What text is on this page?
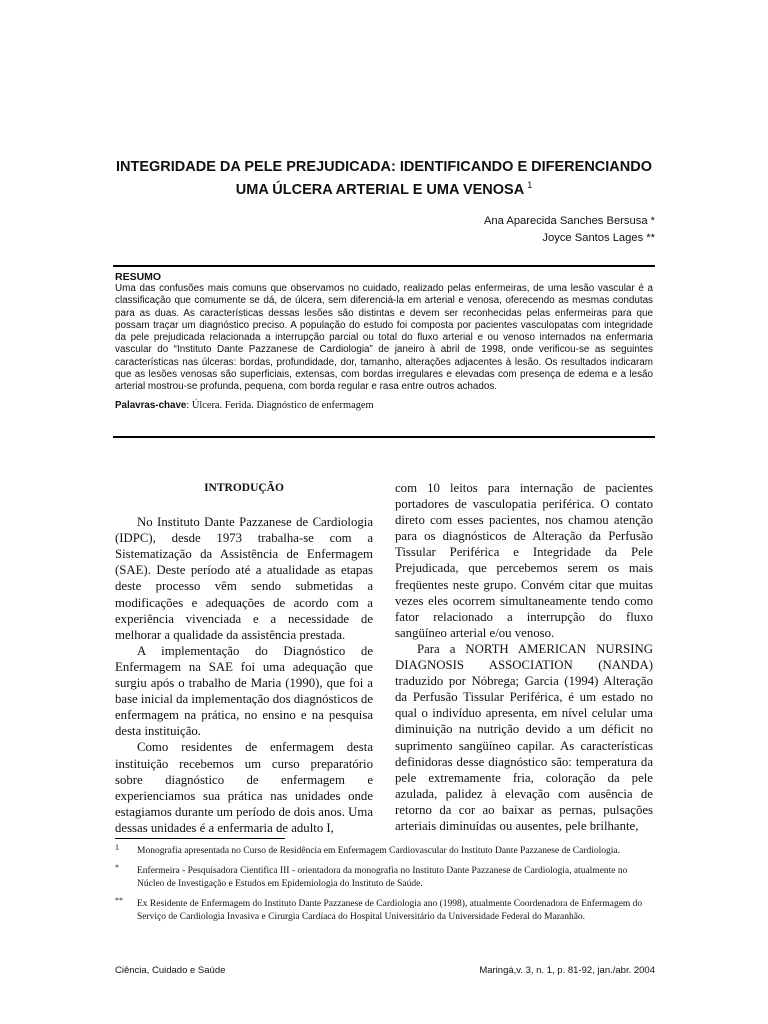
INTEGRIDADE DA PELE PREJUDICADA: IDENTIFICANDO E DIFERENCIANDO
UMA ÚLCERA ARTERIAL E UMA VENOSA $^1$
Ana Aparecida Sanches Bersusa *
Joyce Santos Lages **
RESUMO
Uma das confusões mais comuns que observamos no cuidado, realizado pelas enfermeiras, de uma lesão vascular é a classificação que comumente se dá, de úlcera, sem diferenciá-la em arterial e venosa, oferecendo as mesmas condutas para as duas. As características dessas lesões são distintas e devem ser reconhecidas pelas enfermeiras para que possam traçar um diagnóstico preciso. A população do estudo foi composta por pacientes vasculopatas com integridade da pele prejudicada relacionada a interrupção parcial ou total do fluxo arterial e ou venoso internados na enfermaria vascular do “Instituto Dante Pazzanese de Cardiologia” de janeiro à abril de 1998, onde verificou-se as seguintes características nas úlceras: bordas, profundidade, dor, tamanho, alterações adjacentes à lesão. Os resultados indicaram que as lesões venosas são superficiais, extensas, com bordas irregulares e elevadas com presença de edema e a lesão arterial mostrou-se profunda, pequena, com borda regular e rasa entre outros achados.
Palavras-chave: Úlcera. Ferida. Diagnóstico de enfermagem

INTRODUÇÃO

No Instituto Dante Pazzanese de Cardiologia (IDPC), desde 1973 trabalha-se com a Sistematização da Assistência de Enfermagem (SAE). Deste período até a atualidade as etapas deste processo vêm sendo submetidas a modificações e adequações de acordo com a experiência vivenciada e a necessidade de melhorar a qualidade da assistência prestada.

A implementação do Diagnóstico de Enfermagem na SAE foi uma adequação que surgiu após o trabalho de Maria (1990), que foi a base inicial da implementação dos diagnósticos de enfermagem na prática, no ensino e na pesquisa desta instituição.

Como residentes de enfermagem desta instituição recebemos um curso preparatório sobre diagnóstico de enfermagem e experienciamos sua prática nas unidades onde estagiamos durante um período de dois anos. Uma dessas unidades é a enfermaria de adulto I,

com 10 leitos para internação de pacientes portadores de vasculopatia periférica. O contato direto com esses pacientes, nos chamou atenção para os diagnósticos de Alteração da Perfusão Tissular Periférica e Integridade da Pele Prejudicada, que percebemos serem os mais freqüentes neste grupo. Convém citar que muitas vezes eles ocorrem simultaneamente tendo como fator relacionado a interrupção do fluxo sangüíneo arterial e/ou venoso.

Para a NORTH AMERICAN NURSING DIAGNOSIS ASSOCIATION (NANDA) traduzido por Nóbrega; Garcia (1994) Alteração da Perfusão Tissular Periférica, é um estado no qual o indivíduo apresenta, em nível celular uma diminuição na nutrição devido a um déficit no suprimento sangüíneo capilar. As características definidoras desse diagnóstico são: temperatura da pele extremamente fria, coloração da pele azulada, palidez à elevação com ausência de retorno da cor ao baixar as pernas, pulsações arteriais diminuídas ou ausentes, pele brilhante,

1 Monografia apresentada no Curso de Residência em Enfermagem Cardiovascular do Instituto Dante Pazzanese de Cardiologia.
* Enfermeira - Pesquisadora Cientifica III - orientadora da monografia no Instituto Dante Pazzanese de Cardiologia, atualmente no Núcleo de Investigação e Estudos em Epidemiologia do Instituto de Saúde.
** Ex Residente de Enfermagem do Instituto Dante Pazzanese de Cardiologia ano (1998), atualmente Coordenadora de Enfermagem do Serviço de Cardiologia Invasiva e Cirurgia Cardíaca do Hospital Universitário da Universidade Federal do Maranhão.
Ciência, Cuidado e Saúde	Maringá,v. 3, n. 1, p. 81-92, jan./abr. 2004
